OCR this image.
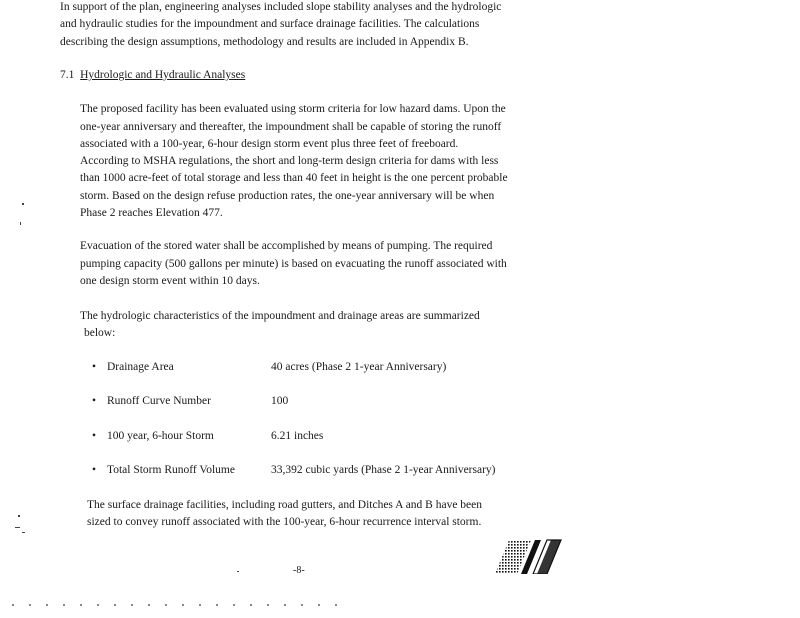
In support of the plan, engineering analyses included slope stability analyses and the hydrologic
and hydraulic studies for the impoundment and surface drainage facilities. The calculations
describing the design assumptions, methodology and results are included in Appendix B.
7.1 Hydrologic and Hydraulic Analyses
The proposed facility has been evaluated using storm criteria for low hazard dams. Upon the
one-year anniversary and thereafter, the impoundment shall be capable of storing the runoff
associated with a 100-year, 6-hour design storm event plus three feet of freeboard.
According to MSHA regulations, the short and long-term design criteria for dams with less
than 1000 acre-feet of total storage and less than 40 feet in height is the one percent probable
storm. Based on the design refuse production rates, the one-year anniversary will be when
Phase 2 reaches Elevation 477.
Evacuation of the stored water shall be accomplished by means of pumping. The required
pumping capacity (500 gallons per minute) is based on evacuating the runoff associated with
one design storm event within 10 days.
The hydrologic characteristics of the impoundment and drainage areas are summarized
below:
• Drainage Area	40 acres (Phase 2 1-year Anniversary)
• Runoff Curve Number	100
• 100 year, 6-hour Storm	6.21 inches
• Total Storm Runoff Volume	33,392 cubic yards (Phase 2 1-year Anniversary)
The surface drainage facilities, including road gutters, and Ditches A and B have been
sized to convey runoff associated with the 100-year, 6-hour recurrence interval storm.
-8-
